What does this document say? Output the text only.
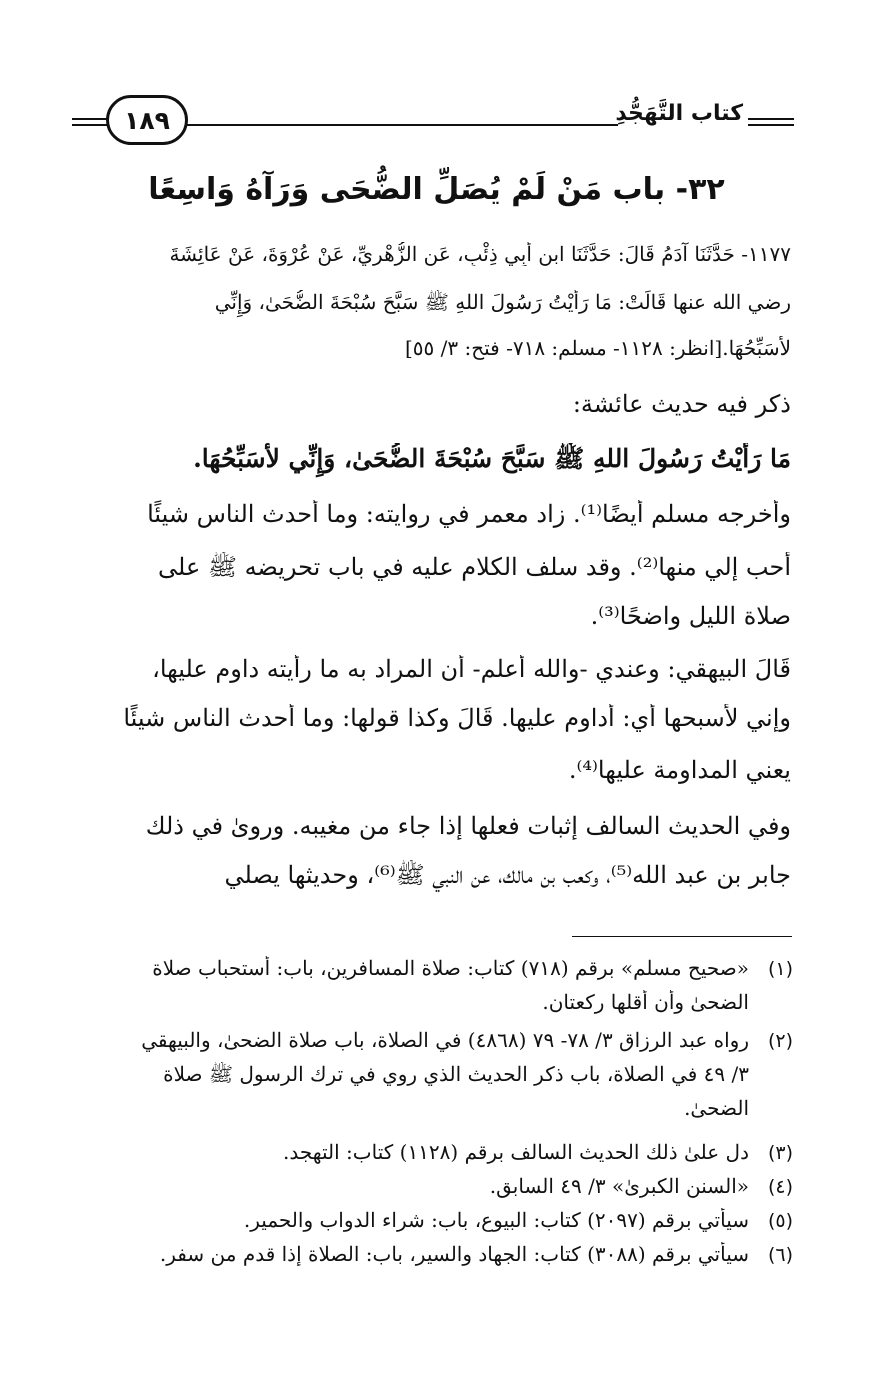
١٨٩	كتاب التَّهَجُّدِ
٣٢- باب مَنْ لَمْ يُصَلِّ الضُّحَى وَرَآهُ وَاسِعًا
١١٧٧- حَدَّثَنَا آدَمُ قَالَ: حَدَّثَنَا ابن أَبِي ذِئْبٍ، عَنِ الزُّهْرِيِّ، عَنْ عُرْوَةَ، عَنْ عَائِشَةَ
رضي الله عنها قَالَتْ: مَا رَأَيْتُ رَسُولَ اللهِ ﷺ سَبَّحَ سُبْحَةَ الضُّحَىٰ، وَإِنِّي
لأُسَبِّحُهَا.[انظر: ١١٢٨- مسلم: ٧١٨- فتح: ٣/ ٥٥]
ذكر فيه حديث عائشة:
مَا رَأَيْتُ رَسُولَ اللهِ ﷺ سَبَّحَ سُبْحَةَ الضُّحَىٰ، وَإِنِّي لأُسَبِّحُهَا.
وأخرجه مسلم أيضًا⁽¹⁾. زاد معمر في روايته: وما أحدث الناس شيئًا
أحب إلي منها⁽²⁾. وقد سلف الكلام عليه في باب تحريضه ﷺ على
صلاة الليل واضحًا⁽³⁾.
قَالَ البيهقي: وعندي -والله أعلم- أن المراد به ما رأيته داوم عليها،
وإني لأسبحها أي: أداوم عليها. قَالَ وكذا قولها: وما أحدث الناس شيئًا
يعني المداومة عليها⁽⁴⁾.
وفي الحديث السالف إثبات فعلها إذا جاء من مغيبه. وروىٰ في ذلك
جابر بن عبد الله⁽⁵⁾، وكعب بن مالك، عن النبي ﷺ⁽⁶⁾، وحديثها يصلي
(١)
«صحيح مسلم» برقم (٧١٨) كتاب: صلاة المسافرين، باب: أستحباب صلاة
الضحىٰ وأن أقلها ركعتان.
(٢)
رواه عبد الرزاق ٣/ ٧٨- ٧٩ (٤٨٦٨) في الصلاة، باب صلاة الضحىٰ، والبيهقي
٣/ ٤٩ في الصلاة، باب ذكر الحديث الذي روي في ترك الرسول ﷺ صلاة
الضحىٰ.
(٣)
دل علىٰ ذلك الحديث السالف برقم (١١٢٨) كتاب: التهجد.
(٤)
«السنن الكبرىٰ» ٣/ ٤٩ السابق.
(٥)
سيأتي برقم (٢٠٩٧) كتاب: البيوع، باب: شراء الدواب والحمير.
(٦)
سيأتي برقم (٣٠٨٨) كتاب: الجهاد والسير، باب: الصلاة إذا قدم من سفر.
